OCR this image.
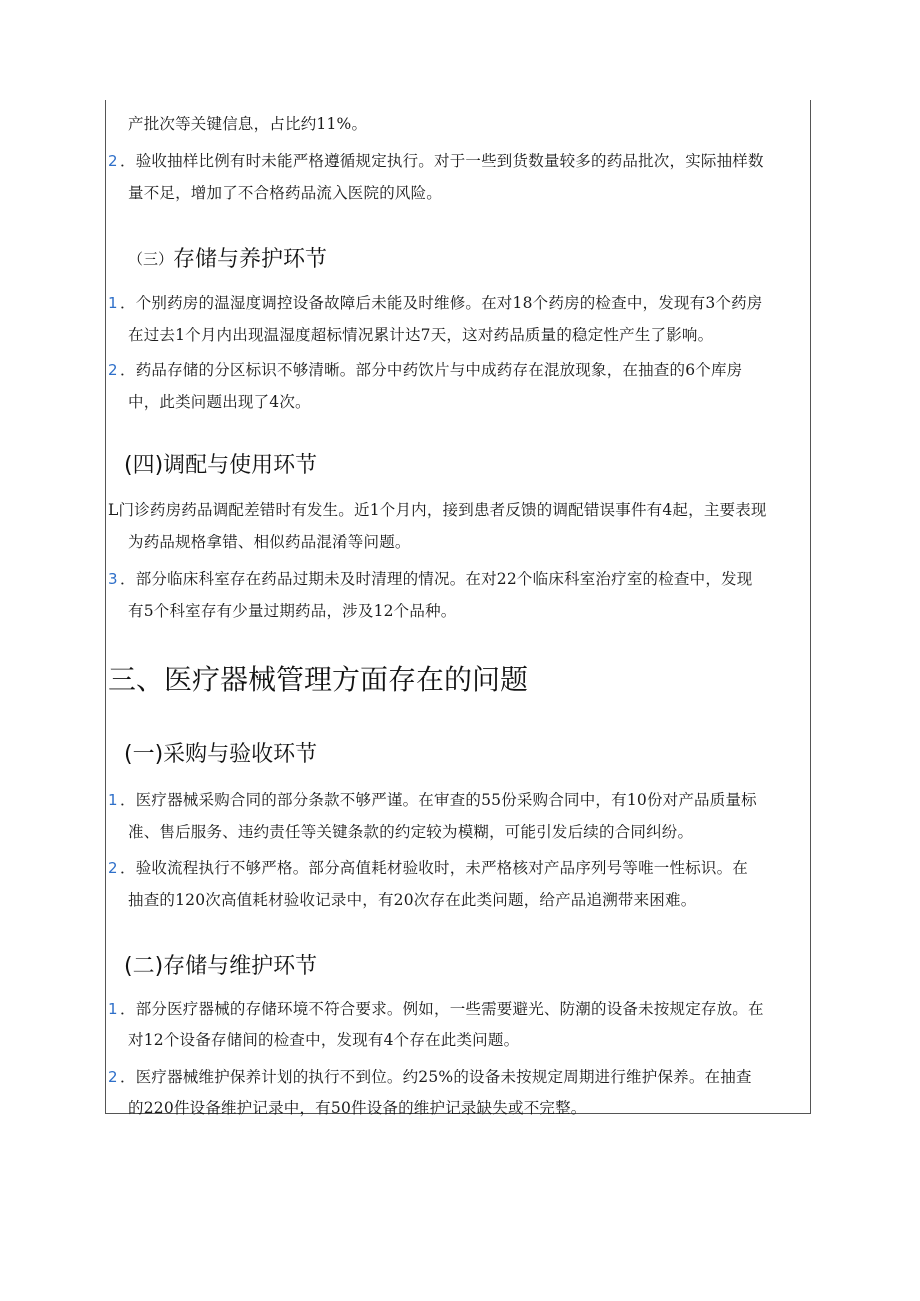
产批次等关键信息，占比约11%。
2 ．验收抽样比例有时未能严格遵循规定执行。对于一些到货数量较多的药品批次，实际抽样数
量不足，增加了不合格药品流入医院的风险。
（三）存储与养护环节
1 ．个别药房的温湿度调控设备故障后未能及时维修。在对18个药房的检查中，发现有3个药房
在过去1个月内出现温湿度超标情况累计达7天，这对药品质量的稳定性产生了影响。
2 ．药品存储的分区标识不够清晰。部分中药饮片与中成药存在混放现象，在抽查的6个库房
中，此类问题出现了4次。
(四)调配与使用环节
L门诊药房药品调配差错时有发生。近1个月内，接到患者反馈的调配错误事件有4起，主要表现
为药品规格拿错、相似药品混淆等问题。
3 ．部分临床科室存在药品过期未及时清理的情况。在对22个临床科室治疗室的检查中，发现
有5个科室存有少量过期药品，涉及12个品种。
三、医疗器械管理方面存在的问题
(一)采购与验收环节
1 ．医疗器械采购合同的部分条款不够严谨。在审查的55份采购合同中，有10份对产品质量标
准、售后服务、违约责任等关键条款的约定较为模糊，可能引发后续的合同纠纷。
2 ．验收流程执行不够严格。部分高值耗材验收时，未严格核对产品序列号等唯一性标识。在
抽查的120次高值耗材验收记录中，有20次存在此类问题，给产品追溯带来困难。
(二)存储与维护环节
1 ．部分医疗器械的存储环境不符合要求。例如，一些需要避光、防潮的设备未按规定存放。在
对12个设备存储间的检查中，发现有4个存在此类问题。
2 ．医疗器械维护保养计划的执行不到位。约25%的设备未按规定周期进行维护保养。在抽查
的220件设备维护记录中，有50件设备的维护记录缺失或不完整。
